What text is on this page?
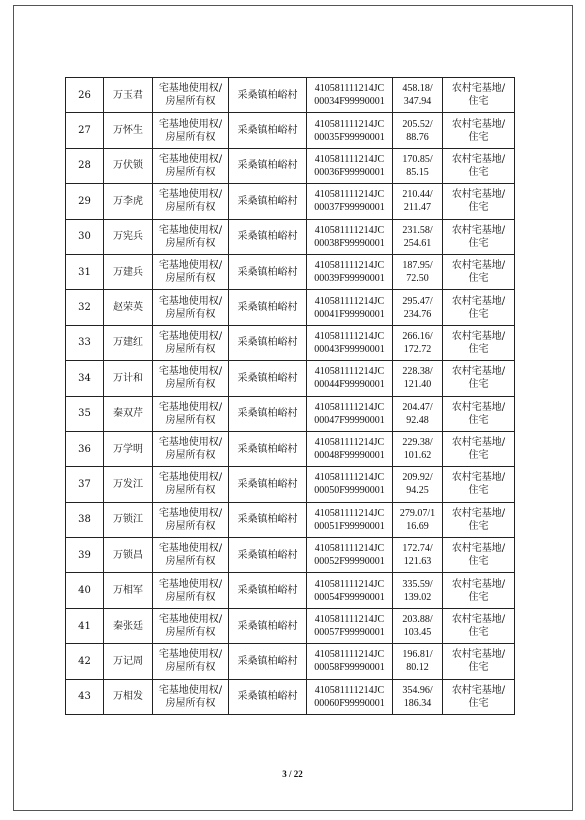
26	万玉君	宅基地使用权/
房屋所有权	采桑镇柏峪村	410581111214JC
00034F99990001	458.18/
347.94	农村宅基地/
住宅

27	万怀生	宅基地使用权/
房屋所有权	采桑镇柏峪村	410581111214JC
00035F99990001	205.52/
88.76	农村宅基地/
住宅

28	万伏锁	宅基地使用权/
房屋所有权	采桑镇柏峪村	410581111214JC
00036F99990001	170.85/
85.15	农村宅基地/
住宅

29	万李虎	宅基地使用权/
房屋所有权	采桑镇柏峪村	410581111214JC
00037F99990001	210.44/
211.47	农村宅基地/
住宅

30	万宪兵	宅基地使用权/
房屋所有权	采桑镇柏峪村	410581111214JC
00038F99990001	231.58/
254.61	农村宅基地/
住宅

31	万建兵	宅基地使用权/
房屋所有权	采桑镇柏峪村	410581111214JC
00039F99990001	187.95/
72.50	农村宅基地/
住宅

32	赵荣英	宅基地使用权/
房屋所有权	采桑镇柏峪村	410581111214JC
00041F99990001	295.47/
234.76	农村宅基地/
住宅

33	万建红	宅基地使用权/
房屋所有权	采桑镇柏峪村	410581111214JC
00043F99990001	266.16/
172.72	农村宅基地/
住宅

34	万计和	宅基地使用权/
房屋所有权	采桑镇柏峪村	410581111214JC
00044F99990001	228.38/
121.40	农村宅基地/
住宅

35	秦双芹	宅基地使用权/
房屋所有权	采桑镇柏峪村	410581111214JC
00047F99990001	204.47/
92.48	农村宅基地/
住宅

36	万学明	宅基地使用权/
房屋所有权	采桑镇柏峪村	410581111214JC
00048F99990001	229.38/
101.62	农村宅基地/
住宅

37	万发江	宅基地使用权/
房屋所有权	采桑镇柏峪村	410581111214JC
00050F99990001	209.92/
94.25	农村宅基地/
住宅

38	万锁江	宅基地使用权/
房屋所有权	采桑镇柏峪村	410581111214JC
00051F99990001	279.07/1
16.69	农村宅基地/
住宅

39	万锁昌	宅基地使用权/
房屋所有权	采桑镇柏峪村	410581111214JC
00052F99990001	172.74/
121.63	农村宅基地/
住宅

40	万相军	宅基地使用权/
房屋所有权	采桑镇柏峪村	410581111214JC
00054F99990001	335.59/
139.02	农村宅基地/
住宅

41	秦张廷	宅基地使用权/
房屋所有权	采桑镇柏峪村	410581111214JC
00057F99990001	203.88/
103.45	农村宅基地/
住宅

42	万记周	宅基地使用权/
房屋所有权	采桑镇柏峪村	410581111214JC
00058F99990001	196.81/
80.12	农村宅基地/
住宅

43	万相发	宅基地使用权/
房屋所有权	采桑镇柏峪村	410581111214JC
00060F99990001	354.96/
186.34	农村宅基地/
住宅
3 / 22
